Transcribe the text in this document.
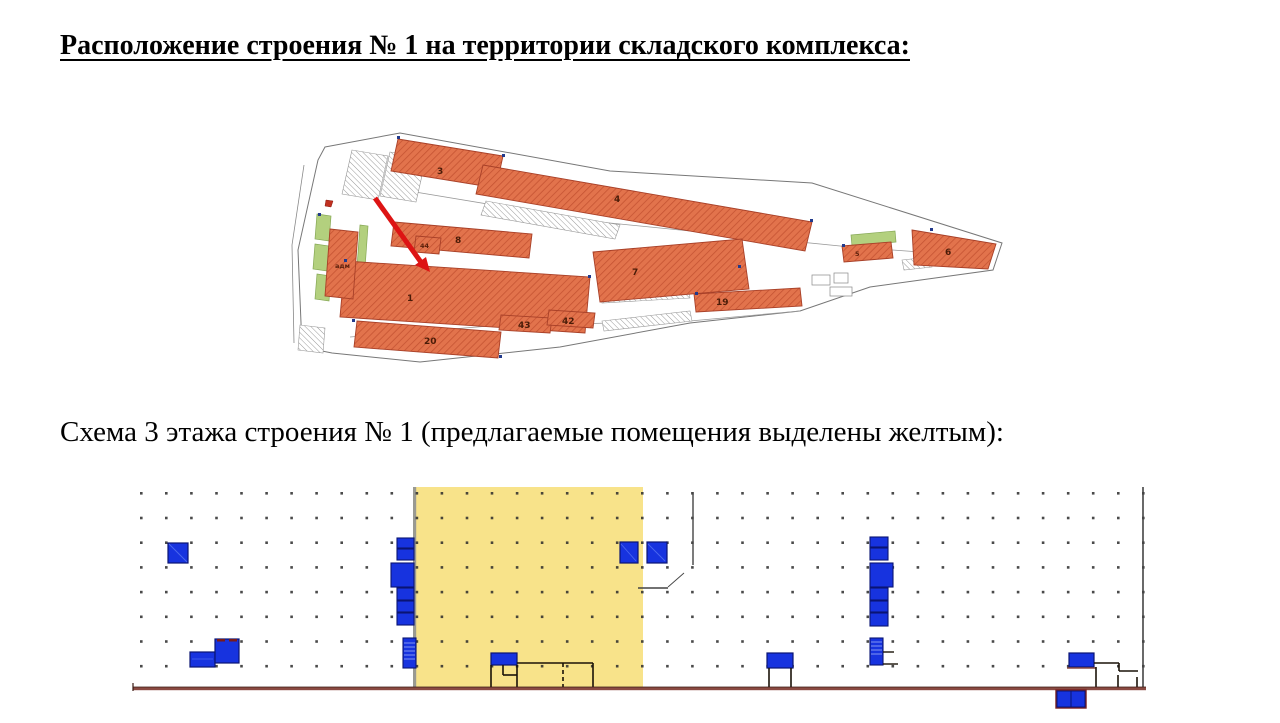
Расположение строения № 1 на территории складского комплекса:
3
4
8
44
1
20
43	42
7
19
5	6
адм
Схема 3 этажа строения № 1 (предлагаемые помещения выделены желтым):
